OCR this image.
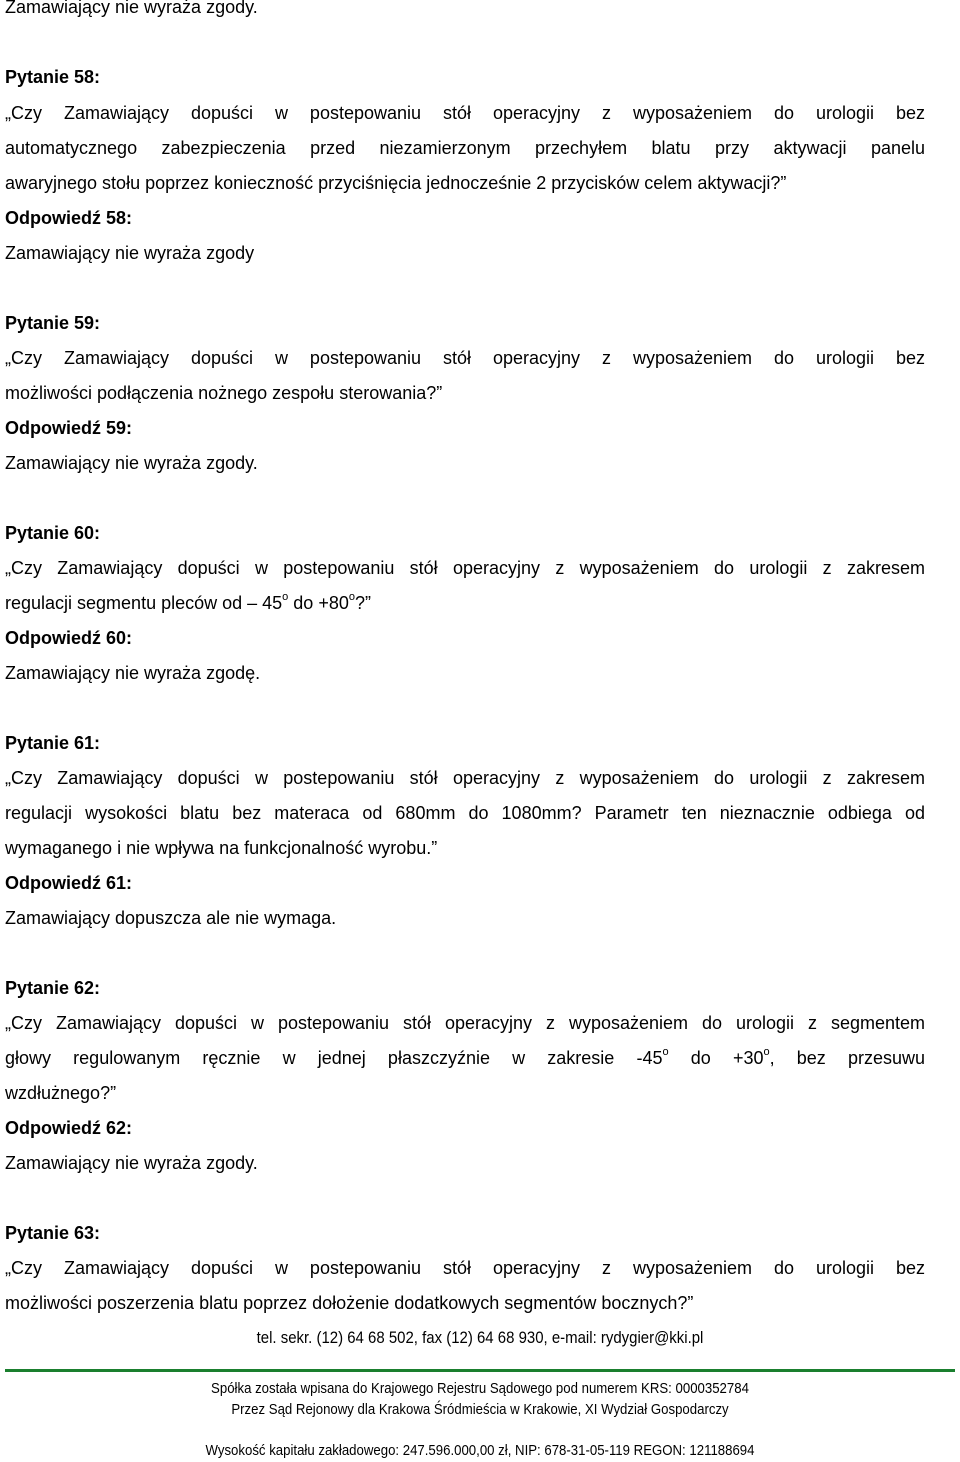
Zamawiający nie wyraża zgody.
Pytanie 58:
„Czy Zamawiający dopuści w postepowaniu stół operacyjny z wyposażeniem do urologii bez
automatycznego zabezpieczenia przed niezamierzonym przechyłem blatu przy aktywacji panelu
awaryjnego stołu poprzez konieczność przyciśnięcia jednocześnie 2 przycisków celem aktywacji?”
Odpowiedź 58:
Zamawiający nie wyraża zgody
Pytanie 59:
„Czy Zamawiający dopuści w postepowaniu stół operacyjny z wyposażeniem do urologii bez
możliwości podłączenia nożnego zespołu sterowania?”
Odpowiedź 59:
Zamawiający nie wyraża zgody.
Pytanie 60:
„Czy Zamawiający dopuści w postepowaniu stół operacyjny z wyposażeniem do urologii z zakresem
regulacji segmentu pleców od – 45$^o$ do $+80^o$?”
Odpowiedź 60:
Zamawiający nie wyraża zgodę.
Pytanie 61:
„Czy Zamawiający dopuści w postepowaniu stół operacyjny z wyposażeniem do urologii z zakresem
regulacji wysokości blatu bez materaca od 680mm do 1080mm? Parametr ten nieznacznie odbiega od
wymaganego i nie wpływa na funkcjonalność wyrobu.”
Odpowiedź 61:
Zamawiający dopuszcza ale nie wymaga.
Pytanie 62:
„Czy Zamawiający dopuści w postepowaniu stół operacyjny z wyposażeniem do urologii z segmentem
głowy regulowanym ręcznie w jednej płaszczyźnie w zakresie -45$^o$ do $+30^o$, bez przesuwu
wzdłużnego?”
Odpowiedź 62:
Zamawiający nie wyraża zgody.
Pytanie 63:
„Czy Zamawiający dopuści w postepowaniu stół operacyjny z wyposażeniem do urologii bez
możliwości poszerzenia blatu poprzez dołożenie dodatkowych segmentów bocznych?”
tel. sekr. (12) 64 68 502, fax (12) 64 68 930, e-mail: rydygier@kki.pl
Spółka została wpisana do Krajowego Rejestru Sądowego pod numerem KRS: 0000352784
Przez Sąd Rejonowy dla Krakowa Śródmieścia w Krakowie, XI Wydział Gospodarczy
Wysokość kapitału zakładowego: 247.596.000,00 zł, NIP: 678-31-05-119 REGON: 121188694
